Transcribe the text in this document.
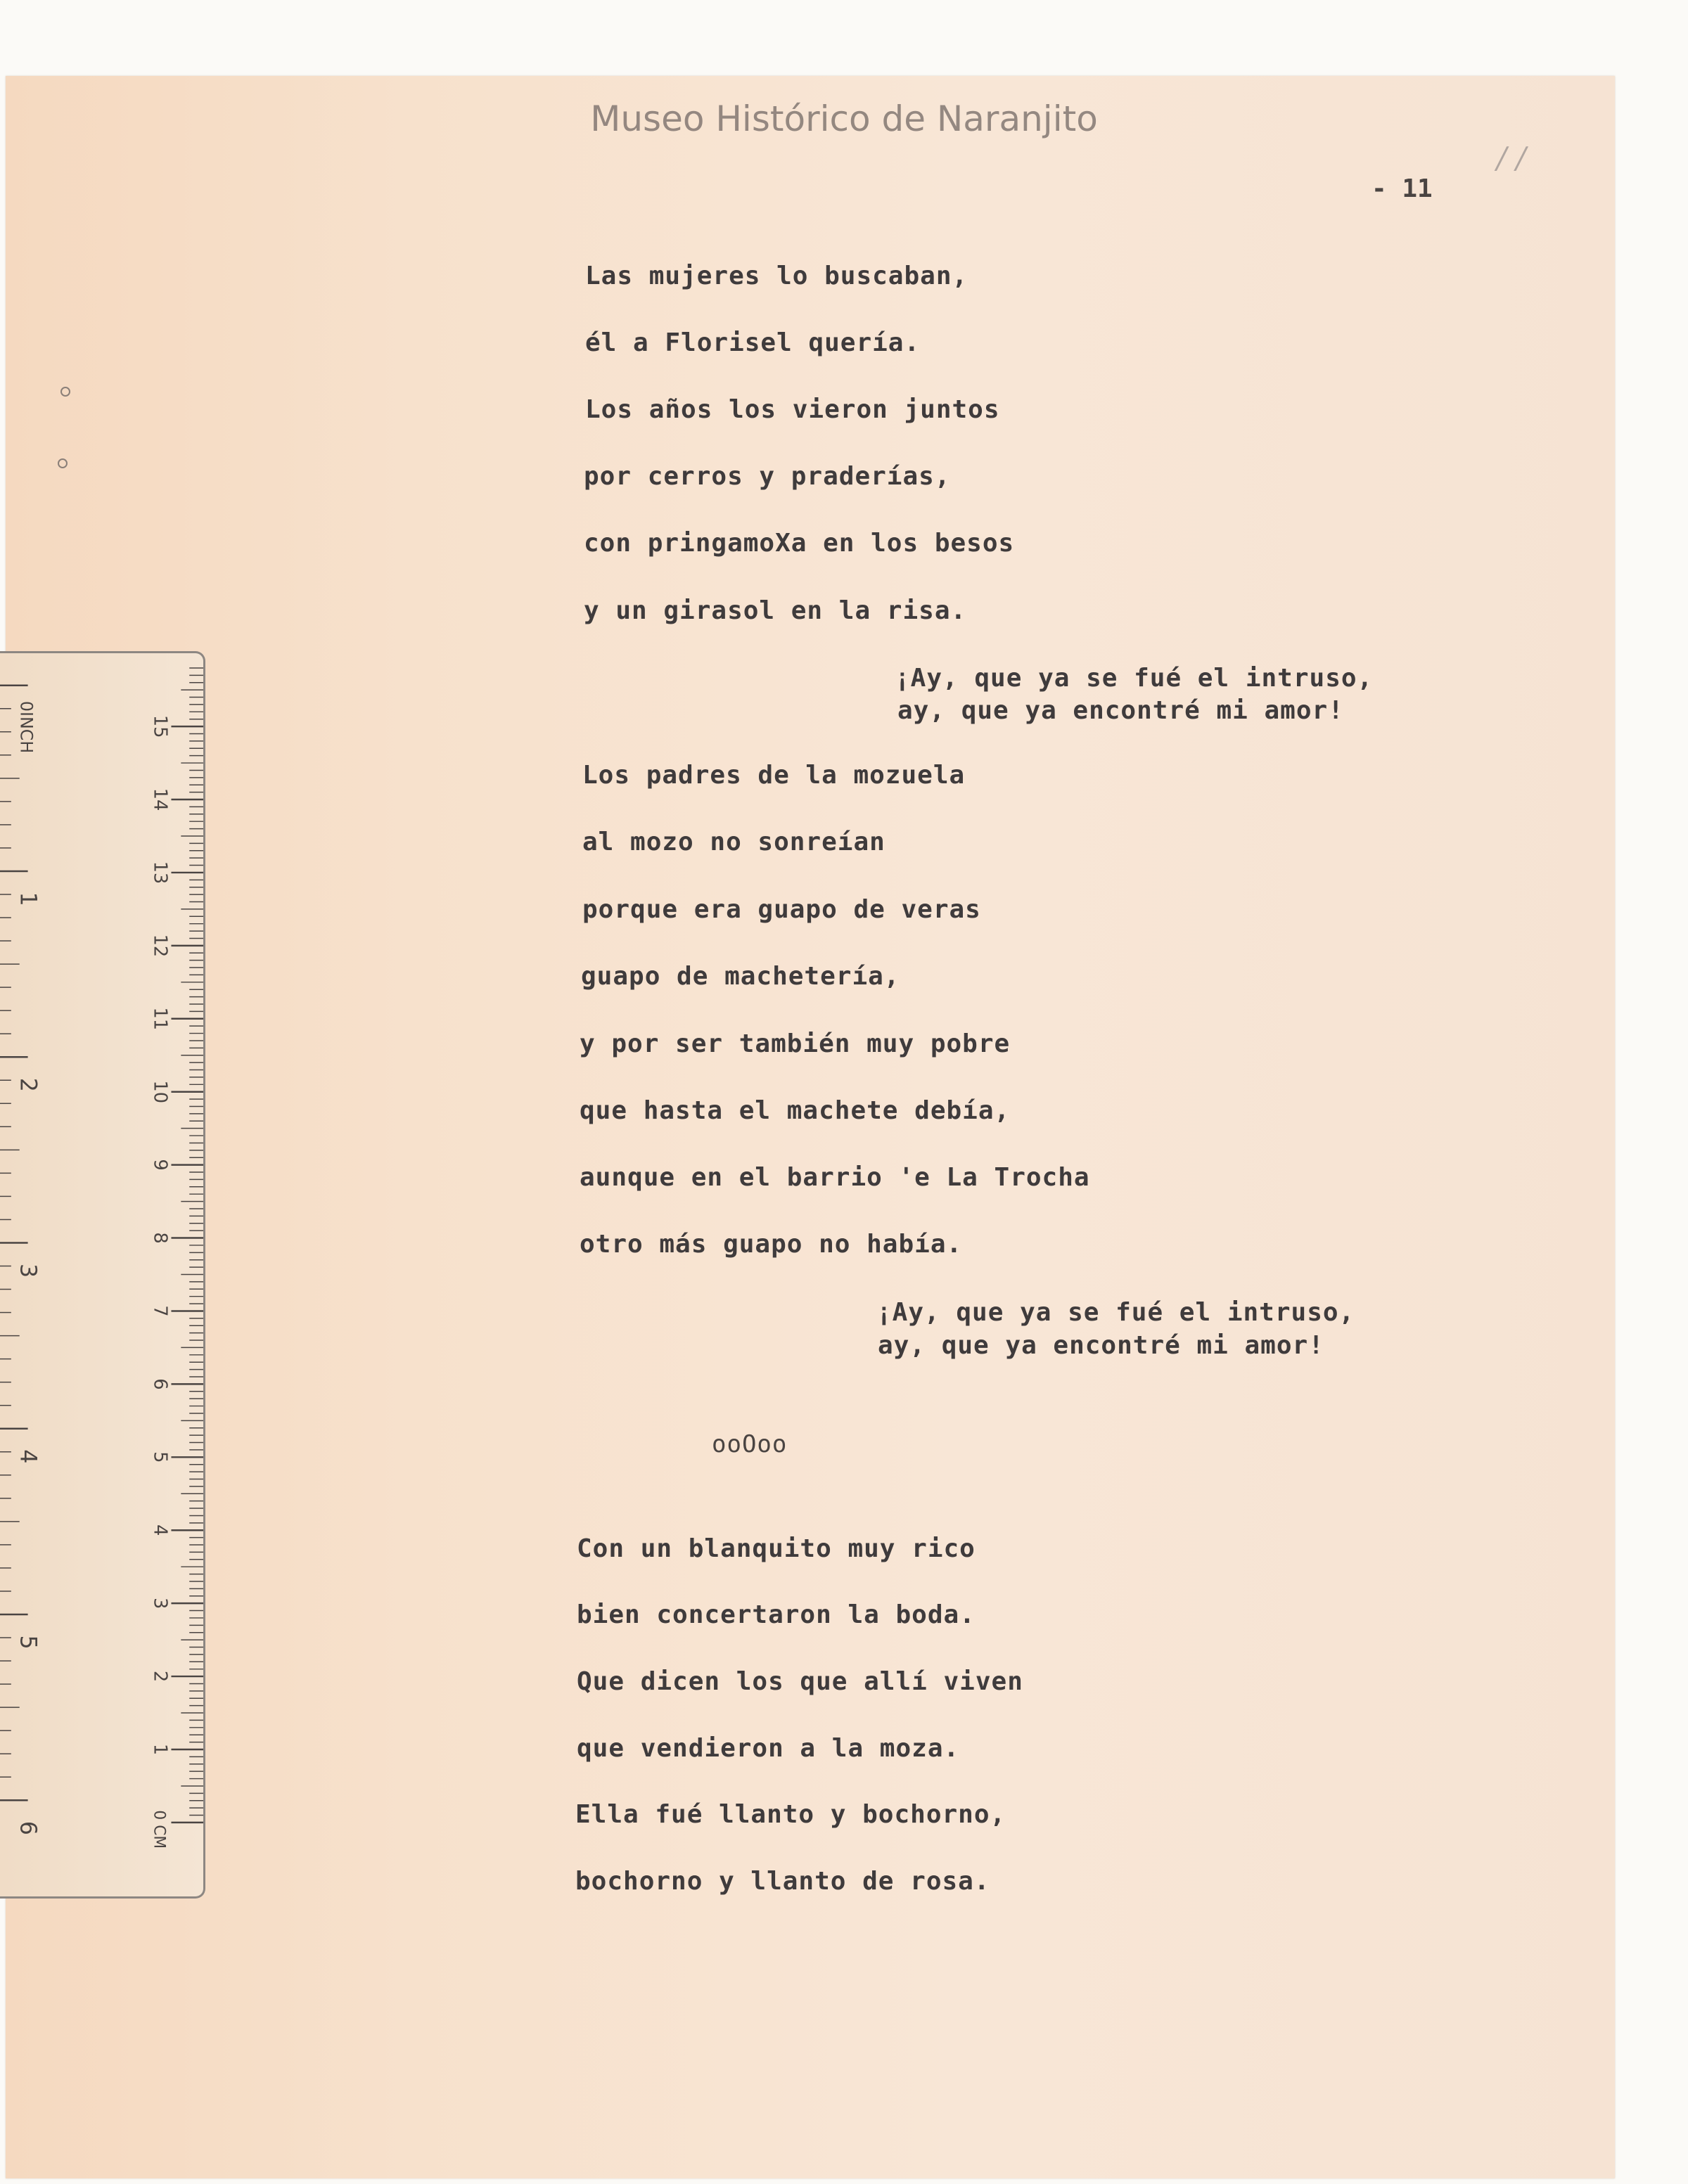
Museo Histórico de Naranjito
/ /
- 11
Las mujeres lo buscaban,
él a Florisel quería.
Los años los vieron juntos
por cerros y praderías,
con pringamoXa en los besos
y un girasol en la risa.
¡Ay, que ya se fué el intruso,
ay, que ya encontré mi amor!
Los padres de la mozuela
al mozo no sonreían
porque era guapo de veras
guapo de machetería,
y por ser también muy pobre
que hasta el machete debía,
aunque en el barrio 'e La Trocha
otro más guapo no había.
¡Ay, que ya se fué el intruso,
ay, que ya encontré mi amor!
ooOoo
Con un blanquito muy rico
bien concertaron la boda.
Que dicen los que allí viven
que vendieron a la moza.
Ella fué llanto y bochorno,
bochorno y llanto de rosa.
1
2
3
4
5
6
7
8
9
10
11
12
13
14
15
0 CM
1
2
3
4
5
6
0INCH
